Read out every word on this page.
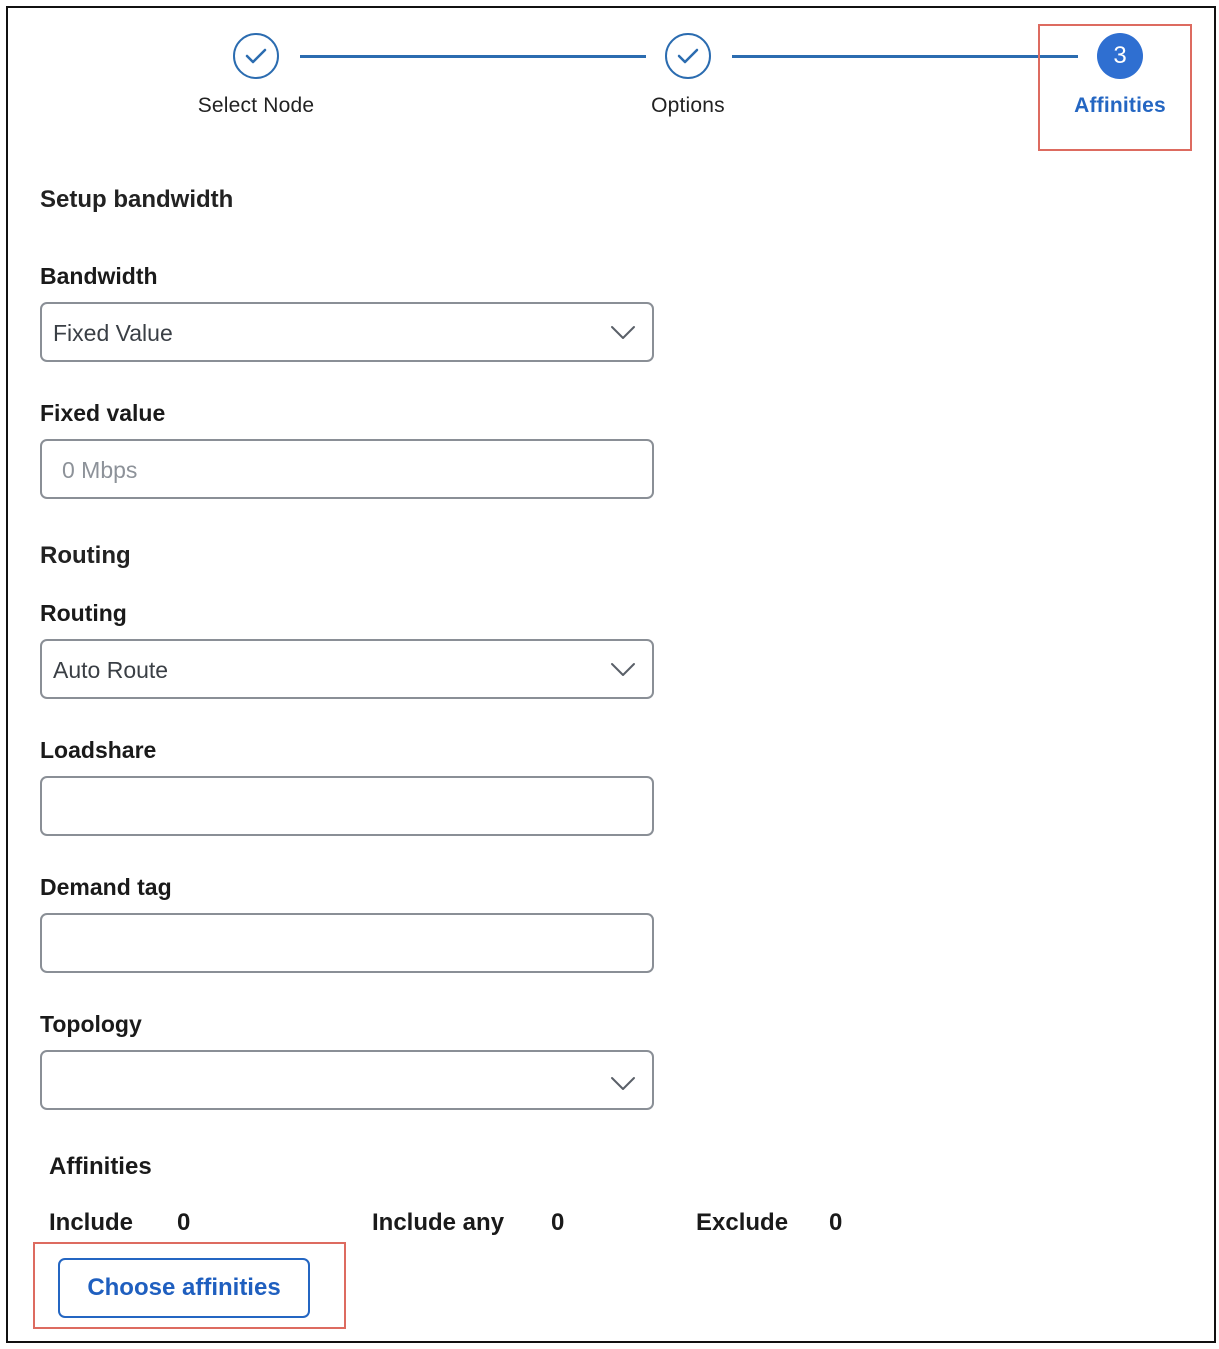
Select Node	Options
3
Affinities
Setup bandwidth
Bandwidth
Fixed Value
Fixed value
0 Mbps
Routing
Routing
Auto Route
Loadshare
Demand tag
Topology
Affinities
Include 0	Include any 0	Exclude 0
Choose affinities
